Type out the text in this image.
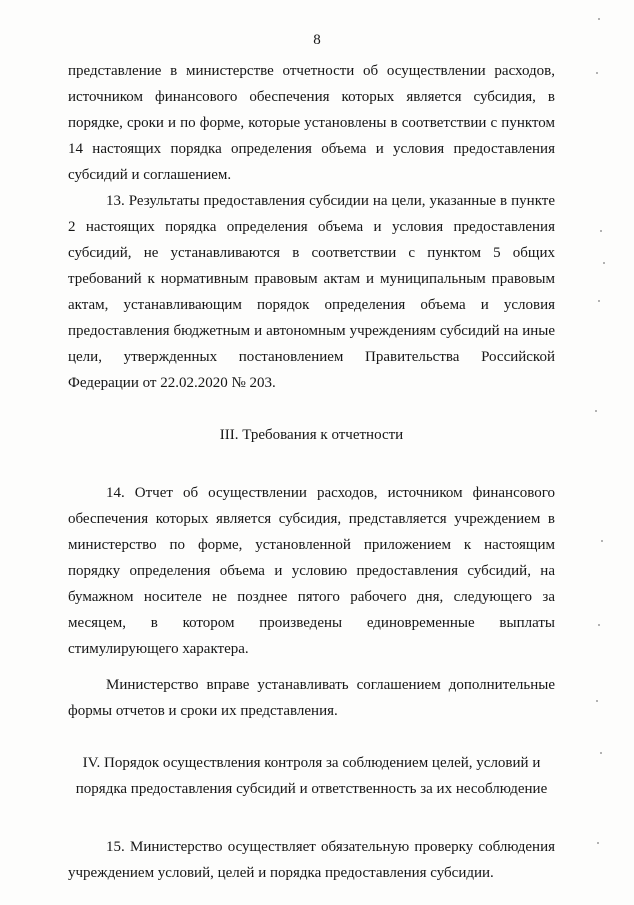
8

представление в министерстве отчетности об осуществлении расходов, источником финансового обеспечения которых является субсидия, в порядке, сроки и по форме, которые установлены в соответствии с пунктом 14 настоящих порядка определения объема и условия предоставления субсидий и соглашением.

13. Результаты предоставления субсидии на цели, указанные в пункте 2 настоящих порядка определения объема и условия предоставления субсидий, не устанавливаются в соответствии с пунктом 5 общих требований к нормативным правовым актам и муниципальным правовым актам, устанавливающим порядок определения объема и условия предоставления бюджетным и автономным учреждениям субсидий на иные цели, утвержденных постановлением Правительства Российской Федерации от 22.02.2020 № 203.

III. Требования к отчетности

14. Отчет об осуществлении расходов, источником финансового обеспечения которых является субсидия, представляется учреждением в министерство по форме, установленной приложением к настоящим порядку определения объема и условию предоставления субсидий, на бумажном носителе не позднее пятого рабочего дня, следующего за месяцем, в котором произведены единовременные выплаты стимулирующего характера.

Министерство вправе устанавливать соглашением дополнительные формы отчетов и сроки их представления.

IV. Порядок осуществления контроля за соблюдением целей, условий и

порядка предоставления субсидий и ответственность за их несоблюдение

15. Министерство осуществляет обязательную проверку соблюдения учреждением условий, целей и порядка предоставления субсидии.
